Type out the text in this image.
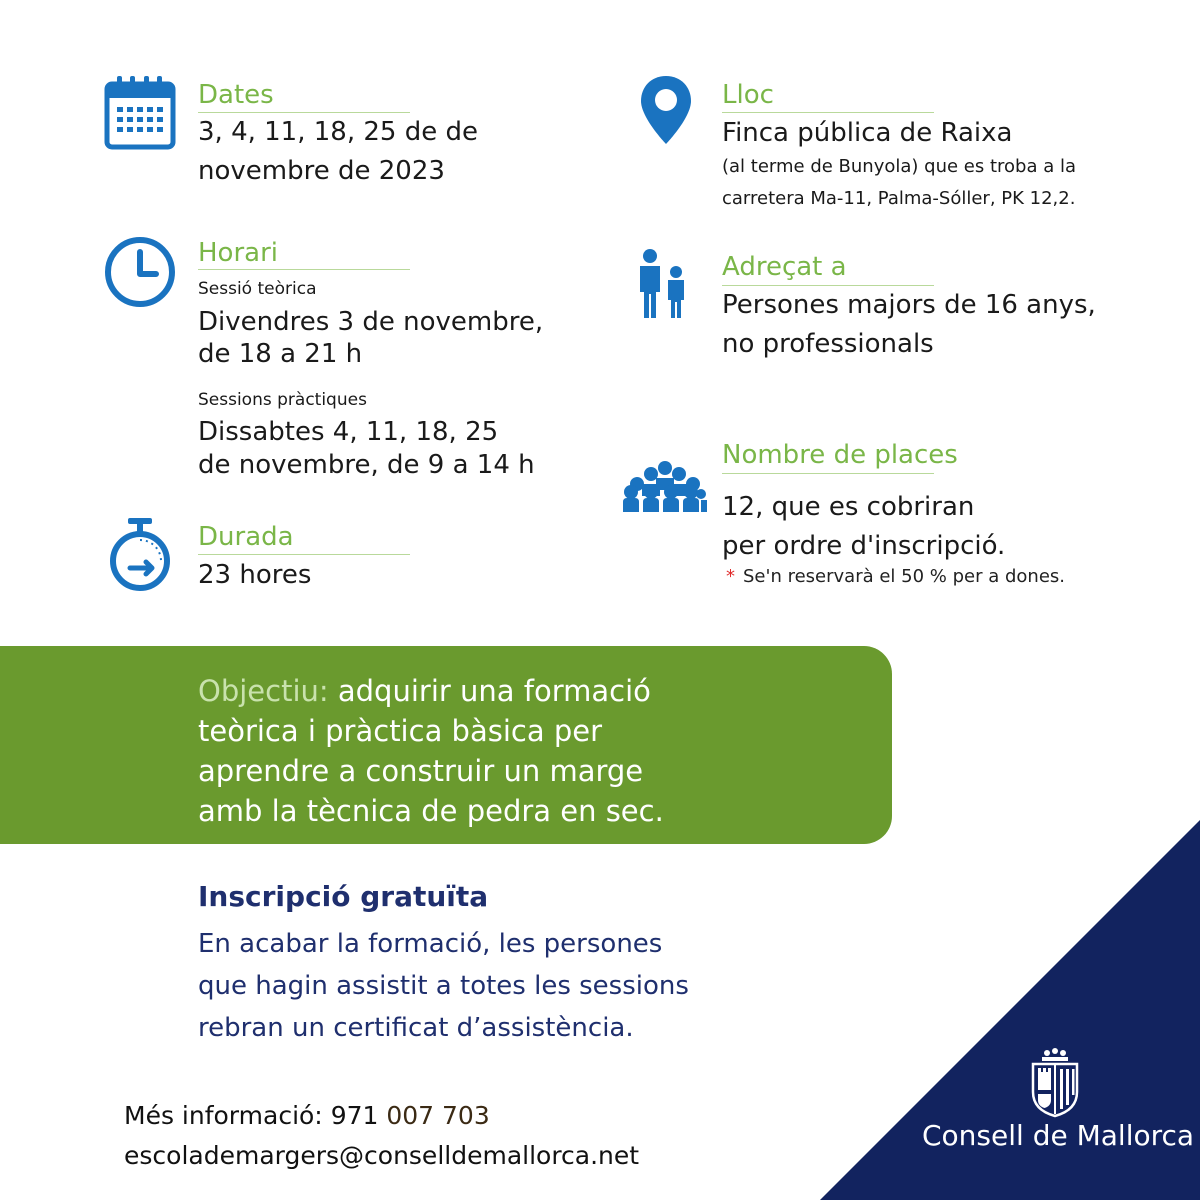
Dates
3, 4, 11, 18, 25 de de
novembre de 2023
Horari
Sessió teòrica
Divendres 3 de novembre,
de 18 a 21 h
Sessions pràctiques
Dissabtes 4, 11, 18, 25
de novembre, de 9 a 14 h
Durada
23 hores
Lloc
Finca pública de Raixa
(al terme de Bunyola) que es troba a la
carretera Ma-11, Palma-Sóller, PK 12,2.
Adreçat a
Persones majors de 16 anys,
no professionals
Nombre de places
12, que es cobriran
per ordre d'inscripció.
* Se'n reservarà el 50 % per a dones.
Objectiu: adquirir una formació
teòrica i pràctica bàsica per
aprendre a construir un marge
amb la tècnica de pedra en sec.
Inscripció gratuïta
En acabar la formació, les persones
que hagin assistit a totes les sessions
rebran un certificat d’assistència.
Més informació: 971 007 703
escolademargers@conselldemallorca.net
Consell de Mallorca
